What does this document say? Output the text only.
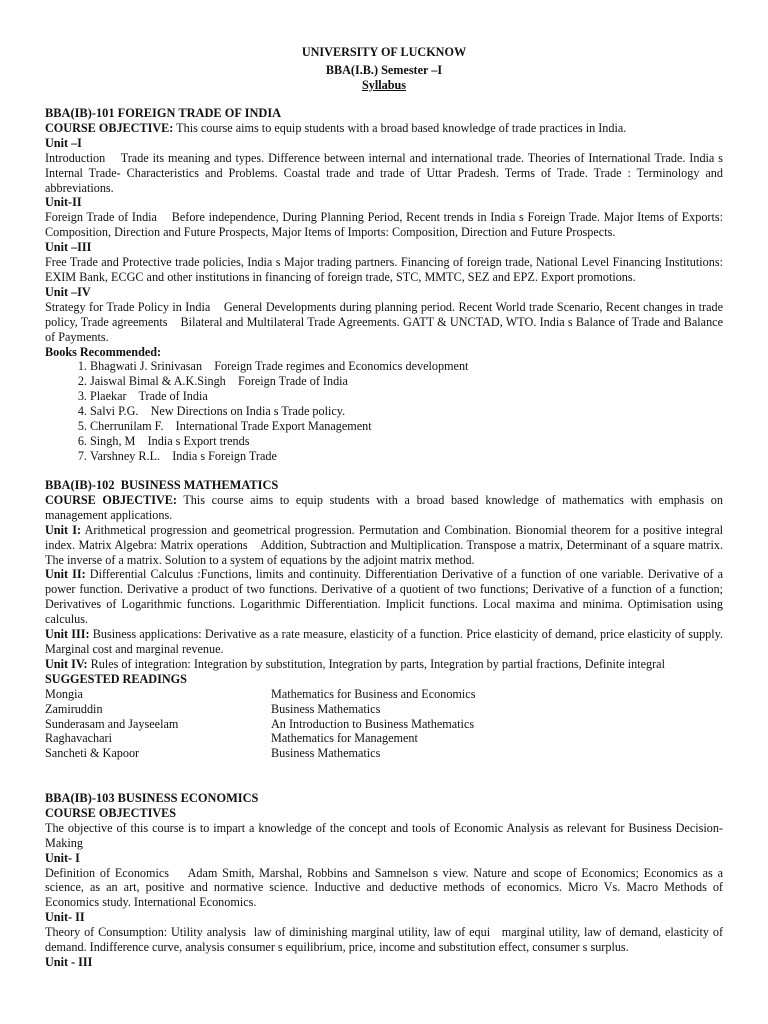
UNIVERSITY OF LUCKNOW
BBA(I.B.) Semester –I
Syllabus
BBA(IB)-101 FOREIGN TRADE OF INDIA

COURSE OBJECTIVE: This course aims to equip students with a broad based knowledge of trade practices in India.

Unit –I

Introduction    Trade its meaning and types. Difference between internal and international trade. Theories of International Trade. India s Internal Trade- Characteristics and Problems. Coastal trade and trade of Uttar Pradesh. Terms of Trade. Trade : Terminology and abbreviations.

Unit-II

Foreign Trade of India    Before independence, During Planning Period, Recent trends in India s Foreign Trade. Major Items of Exports: Composition, Direction and Future Prospects, Major Items of Imports: Composition, Direction and Future Prospects.

Unit –III

Free Trade and Protective trade policies, India s Major trading partners. Financing of foreign trade, National Level Financing Institutions: EXIM Bank, ECGC and other institutions in financing of foreign trade, STC, MMTC, SEZ and EPZ. Export promotions.

Unit –IV

Strategy for Trade Policy in India    General Developments during planning period. Recent World trade Scenario, Recent changes in trade policy, Trade agreements    Bilateral and Multilateral Trade Agreements. GATT & UNCTAD, WTO. India s Balance of Trade and Balance of Payments.

Books Recommended:
1. Bhagwati J. Srinivasan    Foreign Trade regimes and Economics development
2. Jaiswal Bimal & A.K.Singh    Foreign Trade of India
3. Plaekar    Trade of India
4. Salvi P.G.    New Directions on India s Trade policy.
5. Cherrunilam F.    International Trade Export Management
6. Singh, M    India s Export trends
7. Varshney R.L.    India s Foreign Trade
BBA(IB)-102  BUSINESS MATHEMATICS

COURSE OBJECTIVE: This course aims to equip students with a broad based knowledge of mathematics with emphasis on management applications.

Unit I: Arithmetical progression and geometrical progression. Permutation and Combination. Bionomial theorem for a positive integral index. Matrix Algebra: Matrix operations    Addition, Subtraction and Multiplication. Transpose a matrix, Determinant of a square matrix. The inverse of a matrix. Solution to a system of equations by the adjoint matrix method.

Unit II: Differential Calculus :Functions, limits and continuity. Differentiation Derivative of a function of one variable. Derivative of a power function. Derivative a product of two functions. Derivative of a quotient of two functions; Derivative of a function of a function; Derivatives of Logarithmic functions. Logarithmic Differentiation. Implicit functions. Local maxima and minima. Optimisation using calculus.

Unit III: Business applications: Derivative as a rate measure, elasticity of a function. Price elasticity of demand, price elasticity of supply. Marginal cost and marginal revenue.

Unit IV: Rules of integration: Integration by substitution, Integration by parts, Integration by partial fractions, Definite integral

SUGGESTED READINGS
Mongia	Mathematics for Business and Economics
Zamiruddin	Business Mathematics
Sunderasam and Jayseelam	An Introduction to Business Mathematics
Raghavachari	Mathematics for Management
Sancheti & Kapoor	Business Mathematics
BBA(IB)-103 BUSINESS ECONOMICS
COURSE OBJECTIVES

The objective of this course is to impart a knowledge of the concept and tools of Economic Analysis as relevant for Business Decision-Making

Unit- I

Definition of Economics    Adam Smith, Marshal, Robbins and Samnelson s view. Nature and scope of Economics; Economics as a science, as an art, positive and normative science. Inductive and deductive methods of economics. Micro Vs. Macro Methods of Economics study. International Economics.

Unit- II

Theory of Consumption: Utility analysis  law of diminishing marginal utility, law of equi   marginal utility, law of demand, elasticity of demand. Indifference curve, analysis consumer s equilibrium, price, income and substitution effect, consumer s surplus.

Unit - III
